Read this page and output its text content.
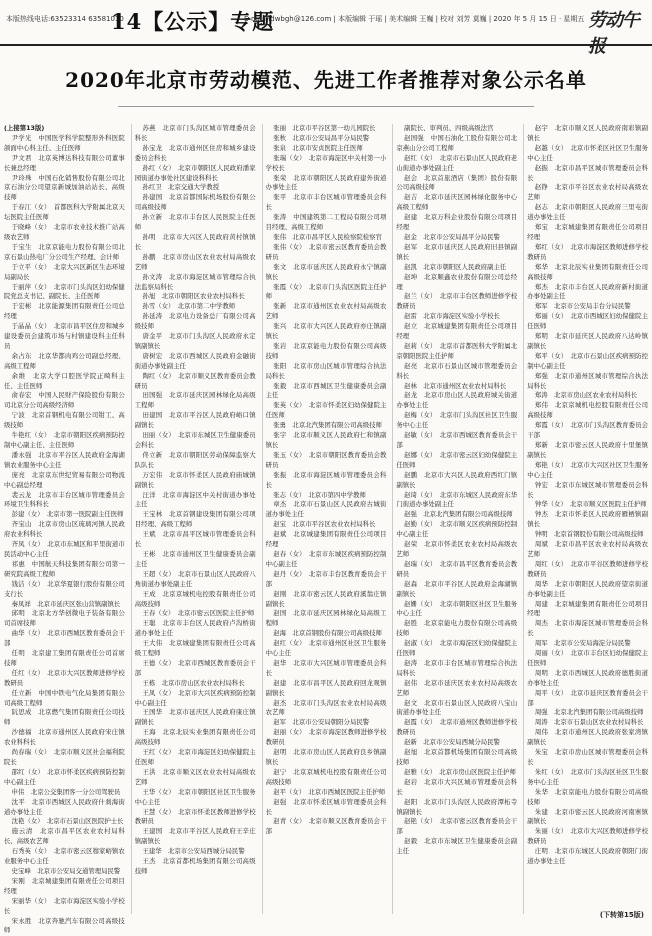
本版热线电话:63523314 63581010
14【公示】专题
E-mail:ldwbgh@126.com | 本版编辑 于瑶 | 美术编辑 王巍 | 校对 刘芳 莫巍 | 2020 年 5 月 15 日 · 星期五 劳动午报
2020年北京市劳动模范、先进工作者推荐对象公示名单

(上接第13版)

尹学光　中国医学科学院整形外科医院颌面中心科主任、主任医师

尹文君　北京英博达科技有限公司董事长兼总经理

尹玲珠　中国石化销售股份有限公司北京石油分公司望京新城加油站站长、高级技师

于春江（女）　首都医科大学附属北京天坛医院主任医师

于晓峰（女）　北京市农业技术推广站高级农艺师

于宝生　北京京能电力股份有限公司北京石景山热电厂分公司生产经理、会计师

于立平（女）　北京大兴区新区生态环境局副局长

于丽萍（女）　北京市门头沟区妇幼保健院党总支书记、副院长、主任医师

于宏彬　北京能源集团有限责任公司总经理

于晶晶（女）　北京市昌平区住房和城乡建设委员会建筑市场与村镇建设科主任科员

余占东　北京华都肉鸡公司副总经理、高级工程师

余维　北京大学口腔医学院正畸科主任、主任医师

俞春宏　中国人民财产保险股份有限公司北京分公司高级经济师

宁波　北京首钢机电有限公司钳工、高级技师

牛艳红（女）　北京市朝阳区疾病预防控制中心副主任、主任医师

潘永强　北京市平谷区人民政府金海湖镇农业服务中心主任

庞亮　北京京东世纪贸易有限公司物流中心副总经理

裴云龙　北京市丰台区城市管理委员会环境卫生科科长

彭建（女）　北京市第一医院副主任医师

齐宝山　北京市房山区琉璃河镇人民政府农业科科长

齐凤（女）　北京市东城区和平里街道市民活动中心主任

祁惠　中国航天科技集团有限公司第一研究院高级工程师

钱洁（女）　北京华夏银行股份有限公司支行长

秦凤祥　北京市延庆区张山营镇副镇长

邱明　北京北方华创微电子装备有限公司首席技师

曲华（女）　北京市西城区教育委员会干部

任明　北京建工集团有限责任公司首席技师

任红（女）　北京市大兴区教师进修学校教研员

任立新　中国中铁电气化局集团有限公司高级工程师

阮思成　北京燃气集团有限责任公司技师

沙德福　北京市通州区人民政府宋庄镇农业科科长

尚春瑞（女）　北京市顺义区社会福利院院长

邵红（女）　北京市怀柔区疾病预防控制中心副主任

申伟　北京公交集团客一分公司驾驶员

沈平　北京市西城区人民政府什刹海街道办事处主任

沈艳（女）　北京市石景山区医院护士长

施云清　北京市昌平区农业农村局科长、高级农艺师

石秀英（女）　北京市密云区穆家峪镇农业服务中心主任

史宝峰　北京市公安局交通管理局民警

宋刚　北京城建集团有限责任公司项目经理

宋丽华（女）　北京市海淀区实验小学校长

宋永胜　北京奔驰汽车有限公司高级技师

苏燕　北京市门头沟区城市管理委员会科长

孙宝龙　北京市通州区住房和城乡建设委员会科长

孙红（女）　北京市朝阳区人民政府潘家园街道办事处社区建设科科长

孙红卫　北京交通大学教授

孙建国　北京首都国际机场股份有限公司高级技师

孙立新　北京市丰台区人民医院主任医师

孙明　北京市大兴区人民政府黄村镇镇长

孙鹏　北京市房山区农业农村局高级农艺师

孙文涛　北京市海淀区城市管理综合执法监察局科长

孙旭　北京市朝阳区农业农村局科长

孙雪（女）　北京市第二中学教师

孙延涛　北京电力设备总厂有限公司高级技师

唐金平　北京市门头沟区人民政府永定镇副镇长

唐树宏　北京市西城区人民政府金融街街道办事处副主任

陶红（女）　北京市顺义区教育委员会教研员

田国强　北京市延庆区园林绿化局高级工程师

田建国　北京市平谷区人民政府峪口镇副镇长

田丽（女）　北京市东城区卫生健康委员会科长

佟立新　北京市朝阳区劳动保障监察大队队长

万宏伟　北京市怀柔区人民政府庙城镇副镇长

汪洋　北京市海淀区中关村街道办事处主任

王宝林　北京首钢建设集团有限公司项目经理、高级工程师

王斌　北京市昌平区城市管理委员会科长

王彬　北京市通州区卫生健康委员会副主任

王超（女）　北京市石景山区人民政府八角街道办事处副主任

王成　北京京城机电控股有限责任公司高级技师

王春（女）　北京市密云区医院主任护师

王聪　北京市丰台区人民政府卢沟桥街道办事处主任

王大伟　北京城建集团有限责任公司高级工程师

王德（女）　北京市西城区教育委员会干部

王栋　北京市房山区农业农村局科长

王凤（女）　北京市大兴区疾病预防控制中心副主任

王国华　北京市延庆区人民政府康庄镇副镇长

王海　北京北辰实业集团有限责任公司高级技师

王红（女）　北京市海淀区妇幼保健院主任医师

王洪　北京市顺义区农业农村局高级农艺师

王华（女）　北京市朝阳区社区卫生服务中心主任

王慧（女）　北京市怀柔区教师进修学校教研员

王建国　北京市平谷区人民政府王辛庄镇副镇长

王建华　北京市公安局西城分局民警

王杰　北京首都机场集团有限公司高级技师

张丽　北京市平谷区第一幼儿园院长

张秋　北京市公安局昌平分局民警

张泉　北京市安贞医院主任医师

张瑞（女）　北京市海淀区中关村第一小学校长

张荣　北京市朝阳区人民政府建外街道办事处主任

张平　北京市丰台区城市管理委员会科长

张涛　中国建筑第二工程局有限公司项目经理、高级工程师

张伟　北京市昌平区人民检察院检察官

张伟（女）　北京市密云区教育委员会教研员

张文　北京市延庆区人民政府永宁镇副镇长

张霞（女）　北京市门头沟区医院主任护师

张新　北京市通州区农业农村局高级农艺师

张兴　北京市大兴区人民政府亦庄镇副镇长

张岩　北京京能电力股份有限公司高级技师

张阳　北京市房山区城市管理综合执法局科长

张毅　北京市西城区卫生健康委员会副主任

张英（女）　北京市怀柔区妇幼保健院主任医师

张勇　北京北汽集团有限公司高级技师

张宇　北京市顺义区人民政府仁和镇副镇长

张玉（女）　北京市朝阳区教育委员会教研员

张振　北京市海淀区城市管理委员会科长

张志（女）　北京市第四中学教师

章杰　北京市石景山区人民政府古城街道办事处主任

赵宝　北京市平谷区农业农村局科长

赵斌　北京城建集团有限责任公司项目经理

赵春（女）　北京市东城区疾病预防控制中心副主任

赵丹（女）　北京市丰台区教育委员会干部

赵刚　北京市密云区人民政府溪翁庄镇副镇长

赵国　北京市延庆区园林绿化局高级工程师

赵海　北京首钢股份有限公司高级技师

赵红（女）　北京市通州区社区卫生服务中心主任

赵华　北京市大兴区城市管理委员会科长

赵建　北京市昌平区人民政府回龙观镇副镇长

赵杰　北京市门头沟区农业农村局高级农艺师

赵军　北京市公安局朝阳分局民警

赵丽（女）　北京市海淀区教师进修学校教研员

赵明　北京市房山区人民政府良乡镇副镇长

赵宁　北京京城机电控股有限责任公司高级技师

赵平（女）　北京市西城区医院主任护师

赵强　北京市怀柔区城市管理委员会科长

赵青（女）　北京市顺义区教育委员会干部

副院长、审判员、四级高级法官

赵国强　中国石油化工股份有限公司北京燕山分公司工程师

赵红（女）　北京市石景山区人民政府老山街道办事处副主任

赵会　北京首旅酒店（集团）股份有限公司高级技师

赵吉　北京市延庆区园林绿化服务中心高级工程师

赵建　北京万科企业股份有限公司项目经理

赵金　北京市公安局昌平分局民警

赵军　北京市延庆区人民政府旧县镇副镇长

赵凯　北京市朝阳区人民政府副主任

赵坤　北京顺鑫农业股份有限公司总经理

赵兰（女）　北京市丰台区教师进修学校教研员

赵雷　北京市海淀区实验小学校长

赵立　北京城建集团有限责任公司项目经理

赵莉（女）　北京市首都医科大学附属北京朝阳医院主任护师

赵亮　北京市石景山区城市管理委员会科长

赵林　北京市通州区农业农村局科长

赵龙　北京市房山区人民政府城关街道办事处主任

赵梅（女）　北京市门头沟区社区卫生服务中心主任

赵敏（女）　北京市西城区教育委员会干部

赵娜（女）　北京市密云区妇幼保健院主任医师

赵鹏　北京市大兴区人民政府西红门镇副镇长

赵琦（女）　北京市东城区人民政府东华门街道办事处副主任

赵强　北京北汽集团有限公司高级技师

赵勤（女）　北京市顺义区疾病预防控制中心副主任

赵荣　北京市怀柔区农业农村局高级农艺师

赵瑞（女）　北京市昌平区教育委员会教研员

赵森　北京市平谷区人民政府金海湖镇副镇长

赵姗（女）　北京市朝阳区社区卫生服务中心主任

赵胜　北京京能电力股份有限公司高级技师

赵淑（女）　北京市海淀区妇幼保健院主任医师

赵涛　北京市丰台区城市管理综合执法局科长

赵伟　北京市延庆区农业农村局高级农艺师

赵文　北京市石景山区人民政府八宝山街道办事处主任

赵霞（女）　北京市通州区教师进修学校教研员

赵新　北京市公安局西城分局民警

赵旭　北京首都机场集团有限公司高级技师

赵雅（女）　北京市房山区医院主任护师

赵岩　北京市大兴区城市管理委员会科长

赵阳　北京市门头沟区人民政府潭柘寺镇副镇长

赵艳（女）　北京市密云区教育委员会干部

赵毅　北京市东城区卫生健康委员会副主任

赵宇　北京市顺义区人民政府南彩镇副镇长

赵越（女）　北京市怀柔区社区卫生服务中心主任

赵振　北京市昌平区城市管理委员会科长

赵铮　北京市平谷区农业农村局高级农艺师

赵志　北京市朝阳区人民政府三里屯街道办事处主任

郑宝　北京城建集团有限责任公司项目经理

郑红（女）　北京市海淀区教师进修学校教研员

郑华　北京北辰实业集团有限责任公司高级技师

郑杰　北京市丰台区人民政府新村街道办事处副主任

郑军　北京市公安局丰台分局民警

郑丽（女）　北京市西城区妇幼保健院主任医师

郑明　北京市延庆区人民政府八达岭镇副镇长

郑平（女）　北京市石景山区疾病预防控制中心副主任

郑强　北京市通州区城市管理综合执法局科长

郑涛　北京市房山区农业农村局科长

郑伟　北京京城机电控股有限责任公司高级技师

郑霞（女）　北京市门头沟区教育委员会干部

郑新　北京市密云区人民政府十里堡镇副镇长

郑艳（女）　北京市大兴区社区卫生服务中心主任

钟宏　北京市东城区城市管理委员会科长

钟华（女）　北京市顺义区医院主任护师

钟杰　北京市怀柔区人民政府雁栖镇副镇长

钟明　北京首钢股份有限公司高级技师

周斌　北京市昌平区农业农村局高级农艺师

周红（女）　北京市平谷区教师进修学校教研员

周华　北京市朝阳区人民政府望京街道办事处副主任

周建　北京城建集团有限责任公司项目经理

周杰　北京市海淀区城市管理委员会科长

周军　北京市公安局海淀分局民警

周丽（女）　北京市丰台区妇幼保健院主任医师

周明　北京市西城区人民政府德胜街道办事处主任

周平（女）　北京市延庆区教育委员会干部

周强　北京北汽集团有限公司高级技师

周涛　北京市石景山区农业农村局科长

周伟　北京市通州区人民政府张家湾镇副镇长

朱宝　北京市房山区城市管理委员会科长

朱红（女）　北京市门头沟区社区卫生服务中心主任

朱华　北京京能电力股份有限公司高级技师

朱建　北京市密云区人民政府河南寨镇副镇长

朱丽（女）　北京市大兴区教师进修学校教研员

庄明　北京市东城区人民政府朝阳门街道办事处主任

(下转第15版)
